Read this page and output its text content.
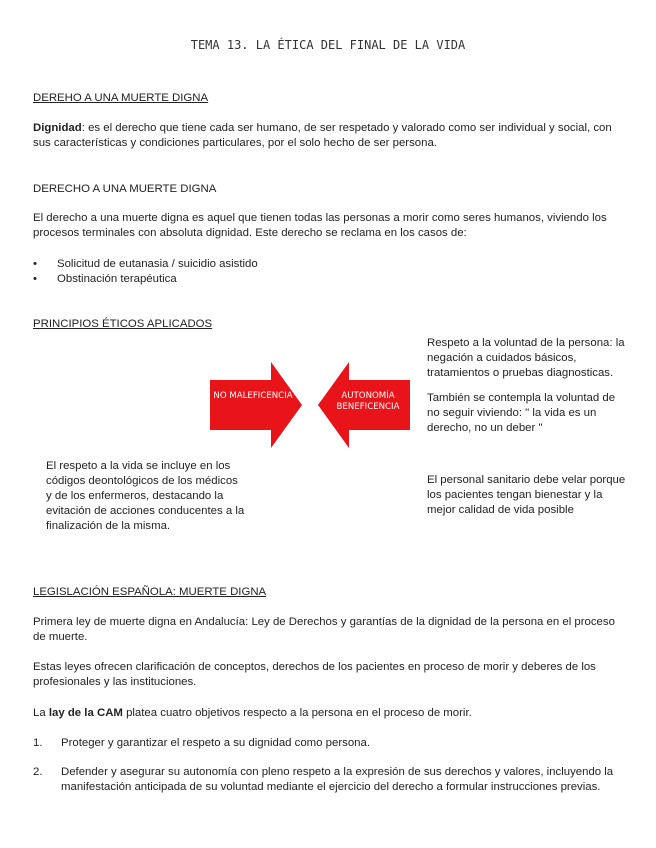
TEMA 13. LA ÉTICA DEL FINAL DE LA VIDA
DEREHO A UNA MUERTE DIGNA
Dignidad: es el derecho que tiene cada ser humano, de ser respetado y valorado como ser individual y social, con sus características y condiciones particulares, por el solo hecho de ser persona.
DERECHO A UNA MUERTE DIGNA
El derecho a una muerte digna es aquel que tienen todas las personas a morir como seres humanos, viviendo los procesos terminales con absoluta dignidad. Este derecho se reclama en los casos de:
• Solicitud de eutanasia / suicidio asistido
• Obstinación terapéutica
PRINCIPIOS ÉTICOS APLICADOS
Respeto a la voluntad de la persona: la negación a cuidados básicos, tratamientos o pruebas diagnosticas.
También se contempla la voluntad de no seguir viviendo: " la vida es un derecho, no un deber "
NO MALEFICENCIA	AUTONOMÍA BENEFICENCIA
El respeto a la vida se incluye en los códigos deontológicos de los médicos y de los enfermeros, destacando la evitación de acciones conducentes a la finalización de la misma.
El personal sanitario debe velar porque los pacientes tengan bienestar y la mejor calidad de vida posible
LEGISLACIÓN ESPAÑOLA: MUERTE DIGNA
Primera ley de muerte digna en Andalucía: Ley de Derechos y garantías de la dignidad de la persona en el proceso de muerte.
Estas leyes ofrecen clarificación de conceptos, derechos de los pacientes en proceso de morir y deberes de los profesionales y las instituciones.
La lay de la CAM platea cuatro objetivos respecto a la persona en el proceso de morir.
1. Proteger y garantizar el respeto a su dignidad como persona.
2. Defender y asegurar su autonomía con pleno respeto a la expresión de sus derechos y valores, incluyendo la manifestación anticipada de su voluntad mediante el ejercicio del derecho a formular instrucciones previas.
